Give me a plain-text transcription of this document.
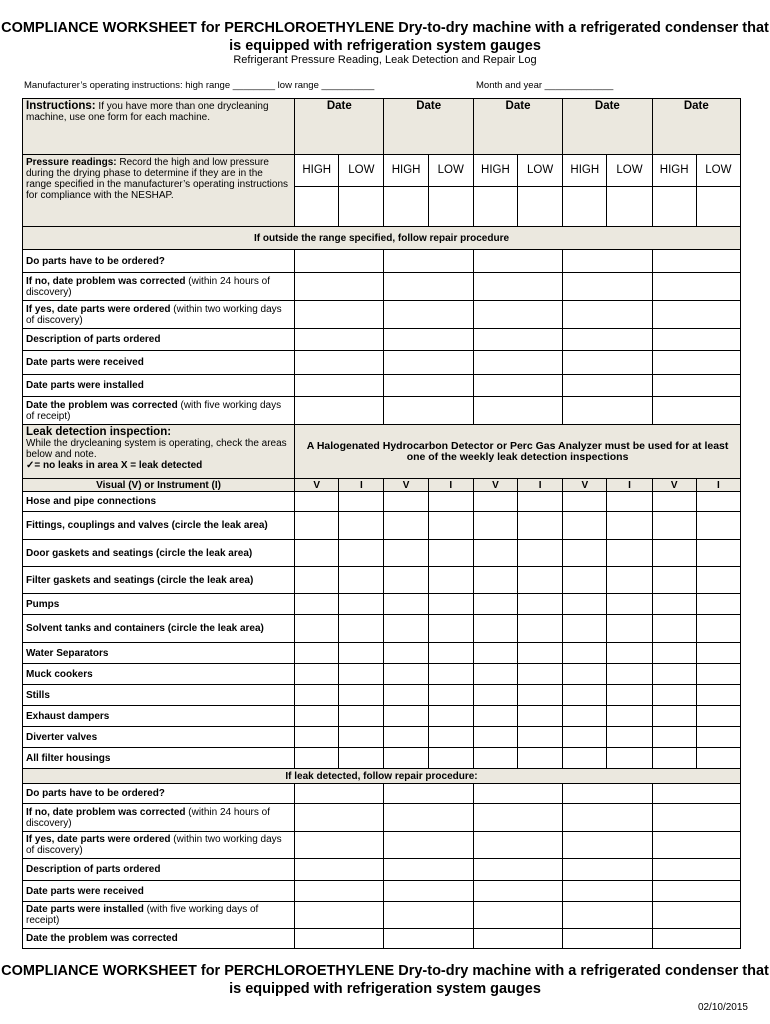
COMPLIANCE WORKSHEET for PERCHLOROETHYLENE Dry-to-dry machine with a refrigerated condenser that is equipped with refrigeration system gauges
Refrigerant Pressure Reading, Leak Detection and Repair Log
Manufacturer’s operating instructions: high range ________ low range __________	Month and year _____________
Instructions: If you have more than one drycleaning machine, use one form for each machine.	Date		Date		Date		Date		Date	
Pressure readings: Record the high and low pressure during the drying phase to determine if they are in the range specified in the manufacturer’s operating instructions for compliance with the NESHAP.	HIGH	LOW	HIGH	LOW	HIGH	LOW	HIGH	LOW	HIGH	LOW

If outside the range specified, follow repair procedure										
Do parts have to be ordered?										
If no, date problem was corrected (within 24 hours of discovery)										
If yes, date parts were ordered (within two working days of discovery)										
Description of parts ordered										
Date parts were received										
Date parts were installed										
Date the problem was corrected (with five working days of receipt)										

Leak detection inspection:
While the drycleaning system is operating, check the areas below and note.
✓= no leaks in area X = leak detected	A Halogenated Hydrocarbon Detector or Perc Gas Analyzer must be used for at least one of the weekly leak detection inspections									
Visual (V) or Instrument (I)	V	I	V	I	V	I	V	I	V	I
Hose and pipe connections										
Fittings, couplings and valves (circle the leak area)										
Door gaskets and seatings (circle the leak area)										
Filter gaskets and seatings (circle the leak area)										
Pumps										
Solvent tanks and containers (circle the leak area)										
Water Separators										
Muck cookers										
Stills										
Exhaust dampers										
Diverter valves										
All filter housings										
If leak detected, follow repair procedure:										
Do parts have to be ordered?										
If no, date problem was corrected (within 24 hours of discovery)										
If yes, date parts were ordered (within two working days of discovery)										
Description of parts ordered										
Date parts were received										
Date parts were installed (with five working days of receipt)										
Date the problem was corrected										
COMPLIANCE WORKSHEET for PERCHLOROETHYLENE Dry-to-dry machine with a refrigerated condenser that is equipped with refrigeration system gauges
02/10/2015
